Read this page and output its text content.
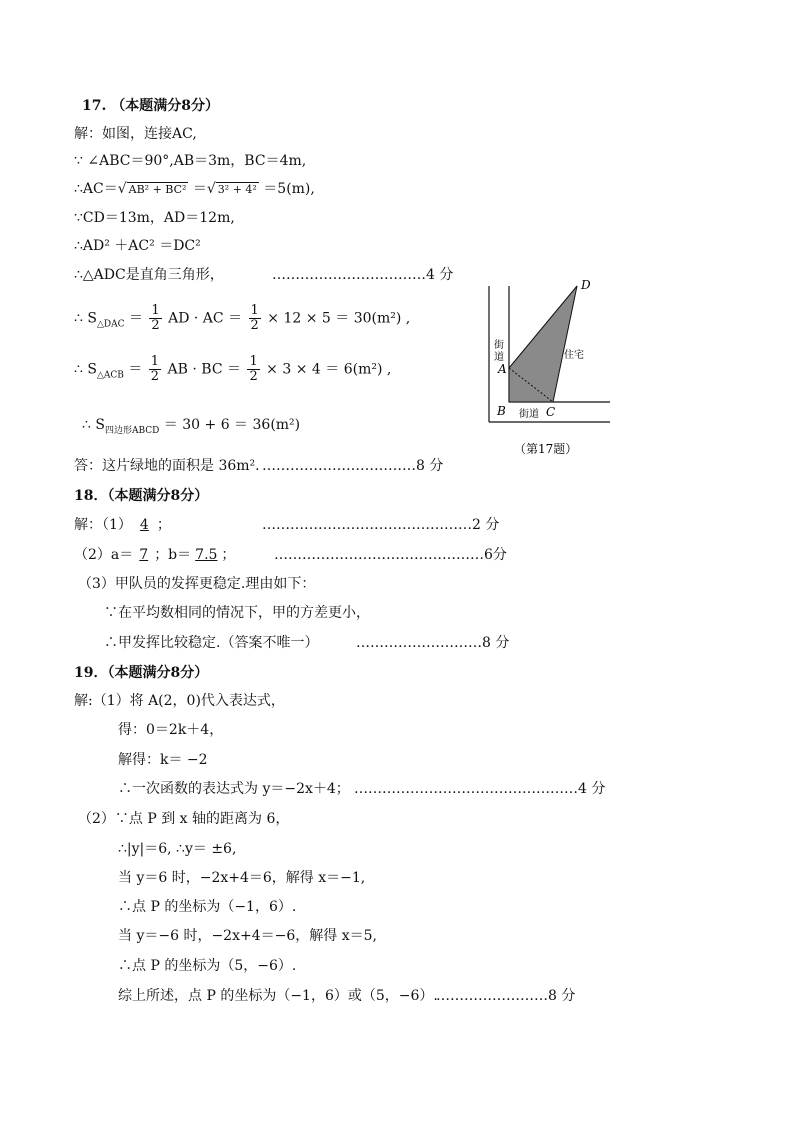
17. （本题满分8分）
解：如图，连接AC,
∵ ∠ABC＝90°,AB＝3m，BC＝4m,
∴AC＝√ AB² + BC² ＝√ 3² + 4² ＝5(m),
∵CD＝13m，AD＝12m,
∴AD² ＋AC² ＝DC²
∴△ADC是直角三角形，	……………………………4 分
∴ $S_{\triangle DAC} = \frac{1}{2}$ AD · AC ＝ $\frac{1}{2} \times 12 \times 5 = 30(m^2)$ ,
∴ $S_{\triangle ACB} = \frac{1}{2}$ AB · BC ＝ $\frac{1}{2} \times 3 \times 4 = 6(m^2)$ ,
∴ $S_{四边形ABCD} = 30 + 6 = 36(m^2)$
答：这片绿地的面积是 36m². ……………………………8 分
D
A
B	C
街
道
街道
住宅
（第17题）
18．（本题满分8分）
解：（1） 4 ；	………………………………………2 分
（2）a＝ 7 ；b＝ 7.5 ；	………………………………………6分
（3）甲队员的发挥更稳定.理由如下：
∵在平均数相同的情况下，甲的方差更小，
∴甲发挥比较稳定.（答案不唯一）	………………………8 分
19．（本题满分8分）
解:（1）将 A(2，0)代入表达式，
得：0＝2k＋4，
解得：k＝ −2
∴一次函数的表达式为 y＝−2x＋4； …………………………………………4 分
（2）∵点 P 到 x 轴的距离为 6，
∴|y|＝6, ∴y＝ ±6,
当 y＝6 时，−2x+4＝6，解得 x＝−1,
∴点 P 的坐标为（−1，6）.
当 y＝−6 时，−2x+4＝−6，解得 x＝5,
∴点 P 的坐标为（5，−6）.
综上所述，点 P 的坐标为（−1，6）或（5，−6）.
……………………8 分
